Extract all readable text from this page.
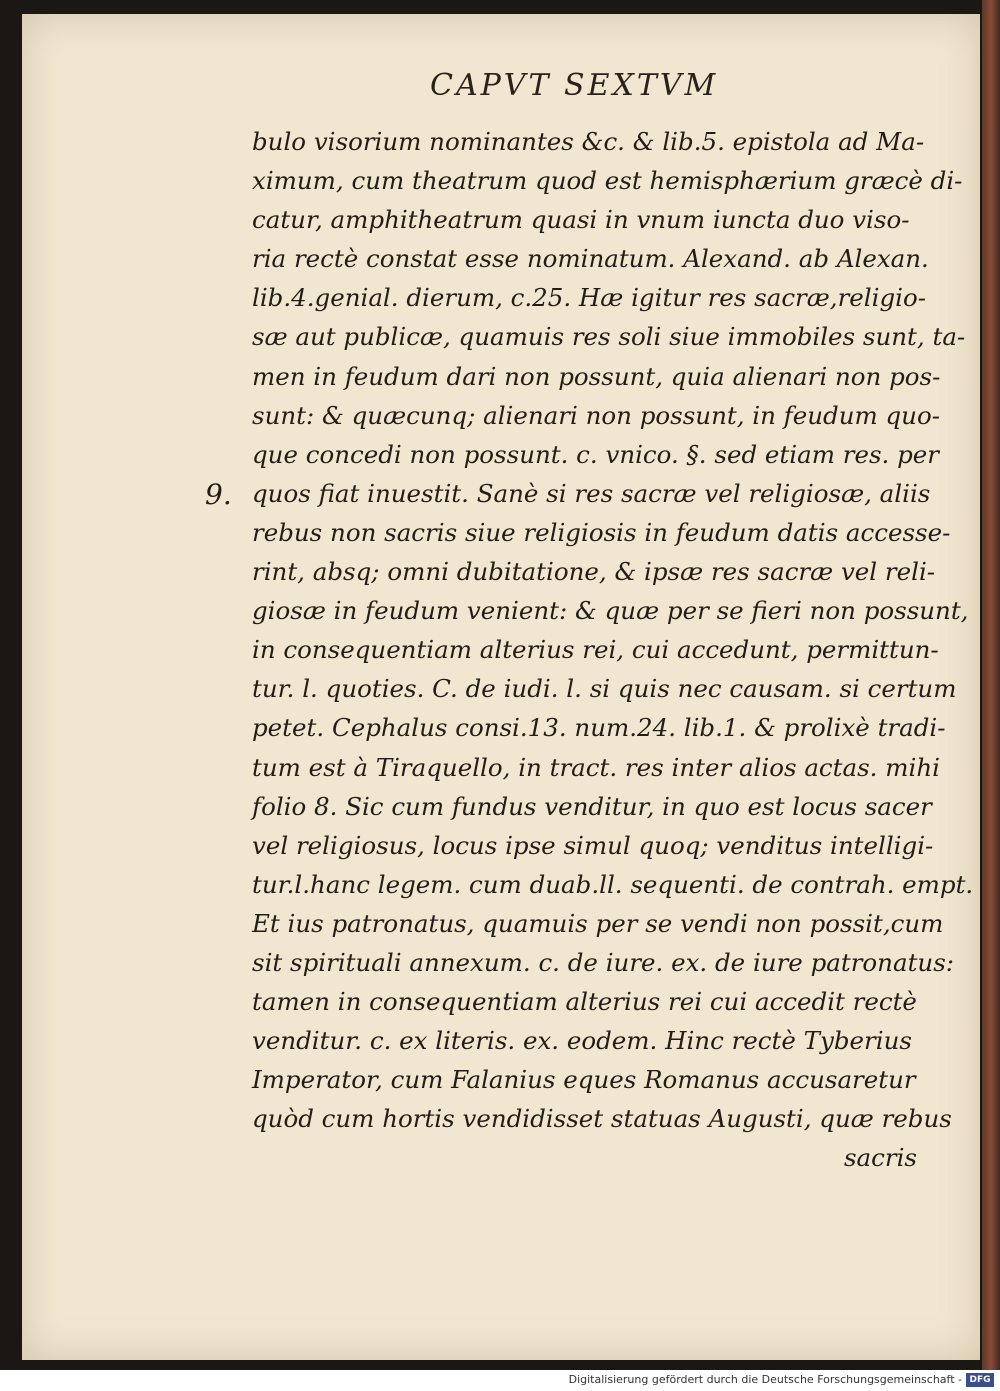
CAPVT SEXTVM
9.
bulo visorium nominantes &c. & lib.5. epistola ad Ma-
ximum, cum theatrum quod est hemisphærium græcè di-
catur, amphitheatrum quasi in vnum iuncta duo viso-
ria rectè constat esse nominatum. Alexand. ab Alexan.
lib.4.genial. dierum, c.25. Hæ igitur res sacræ,religio-
sæ aut publicæ, quamuis res soli siue immobiles sunt, ta-
men in feudum dari non possunt, quia alienari non pos-
sunt: & quæcunq; alienari non possunt, in feudum quo-
que concedi non possunt. c. vnico. §. sed etiam res. per
quos fiat inuestit. Sanè si res sacræ vel religiosæ, aliis
rebus non sacris siue religiosis in feudum datis accesse-
rint, absq; omni dubitatione, & ipsæ res sacræ vel reli-
giosæ in feudum venient: & quæ per se fieri non possunt,
in consequentiam alterius rei, cui accedunt, permittun-
tur. l. quoties. C. de iudi. l. si quis nec causam. si certum
petet. Cephalus consi.13. num.24. lib.1. & prolixè tradi-
tum est à Tiraquello, in tract. res inter alios actas. mihi
folio 8. Sic cum fundus venditur, in quo est locus sacer
vel religiosus, locus ipse simul quoq; venditus intelligi-
tur.l.hanc legem. cum duab.ll. sequenti. de contrah. empt.
Et ius patronatus, quamuis per se vendi non possit,cum
sit spirituali annexum. c. de iure. ex. de iure patronatus:
tamen in consequentiam alterius rei cui accedit rectè
venditur. c. ex literis. ex. eodem. Hinc rectè Tyberius
Imperator, cum Falanius eques Romanus accusaretur
quòd cum hortis vendidisset statuas Augusti, quæ rebus
sacris
Digitalisierung gefördert durch die Deutsche Forschungsgemeinschaft - DFG
